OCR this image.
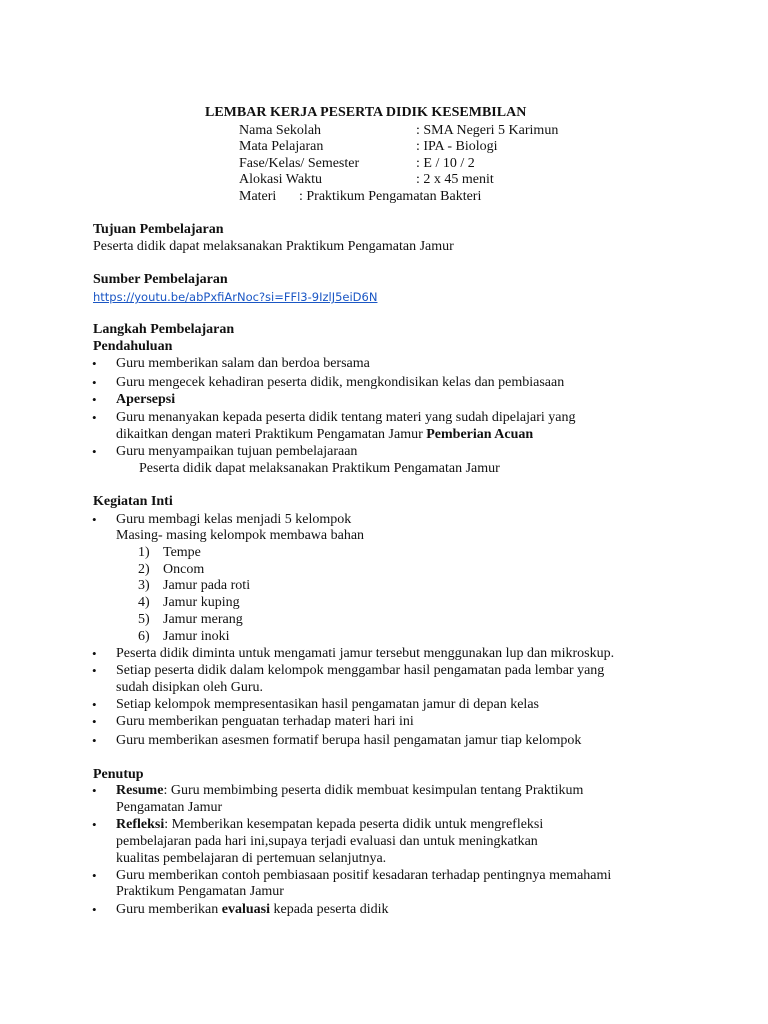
LEMBAR KERJA PESERTA DIDIK KESEMBILAN
Nama Sekolah	: SMA Negeri 5 Karimun
Mata Pelajaran	: IPA - Biologi
Fase/Kelas/ Semester	: E / 10 / 2
Alokasi Waktu	: 2 x 45 menit
Materi : Praktikum Pengamatan Bakteri
Tujuan Pembelajaran
Peserta didik dapat melaksanakan Praktikum Pengamatan Jamur
Sumber Pembelajaran
https://youtu.be/abPxfiArNoc?si=FFl3-9IzlJ5eiD6N
Langkah Pembelajaran
Pendahuluan
• Guru memberikan salam dan berdoa bersama
• Guru mengecek kehadiran peserta didik, mengkondisikan kelas dan pembiasaan
• Apersepsi
• Guru menanyakan kepada peserta didik tentang materi yang sudah dipelajari yang
dikaitkan dengan materi Praktikum Pengamatan Jamur Pemberian Acuan
• Guru menyampaikan tujuan pembelajaraan
Peserta didik dapat melaksanakan Praktikum Pengamatan Jamur
Kegiatan Inti
• Guru membagi kelas menjadi 5 kelompok
Masing- masing kelompok membawa bahan
1) Tempe
2) Oncom
3) Jamur pada roti
4) Jamur kuping
5) Jamur merang
6) Jamur inoki
• Peserta didik diminta untuk mengamati jamur tersebut menggunakan lup dan mikroskup.
• Setiap peserta didik dalam kelompok menggambar hasil pengamatan pada lembar yang
sudah disipkan oleh Guru.
• Setiap kelompok mempresentasikan hasil pengamatan jamur di depan kelas
• Guru memberikan penguatan terhadap materi hari ini
• Guru memberikan asesmen formatif berupa hasil pengamatan jamur tiap kelompok
Penutup
• Resume: Guru membimbing peserta didik membuat kesimpulan tentang Praktikum
Pengamatan Jamur
• Refleksi: Memberikan kesempatan kepada peserta didik untuk mengrefleksi
pembelajaran pada hari ini,supaya terjadi evaluasi dan untuk meningkatkan
kualitas pembelajaran di pertemuan selanjutnya.
• Guru memberikan contoh pembiasaan positif kesadaran terhadap pentingnya memahami
Praktikum Pengamatan Jamur
• Guru memberikan evaluasi kepada peserta didik
